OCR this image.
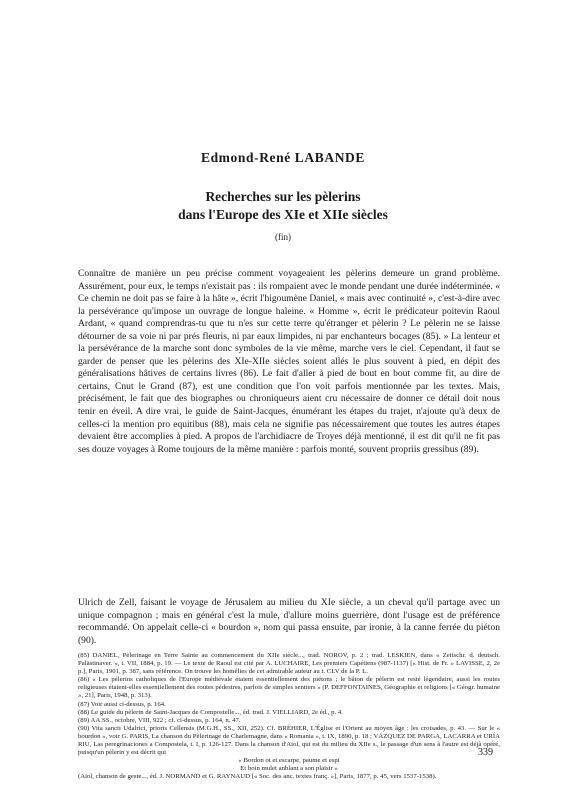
Edmond-René LABANDE
Recherches sur les pèlerins
dans l'Europe des XIe et XIIe siècles
(fin)

Connaître de manière un peu précise comment voyageaient les pèlerins demeure un grand problème. Assurément, pour eux, le temps n'existait pas : ils rompaient avec le monde pendant une durée indéterminée. « Ce chemin ne doit pas se faire à la hâte », écrit l'higoumène Daniel, « mais avec continuité », c'est-à-dire avec la persévérance qu'impose un ouvrage de longue haleine. « Homme », écrit le prédicateur poitevin Raoul Ardant, « quand comprendras-tu que tu n'es sur cette terre qu'étranger et pèlerin ? Le pèlerin ne se laisse détourner de sa voie ni par prés fleuris, ni par eaux limpides, ni par enchanteurs bocages (85). » La lenteur et la persévérance de la marche sont donc symboles de la vie même, marche vers le ciel. Cependant, il faut se garder de penser que les pèlerins des XIe-XIIe siècles soient allés le plus souvent à pied, en dépit des généralisations hâtives de certains livres (86). Le fait d'aller à pied de bout en bout comme fit, au dire de certains, Cnut le Grand (87), est une condition que l'on voit parfois mentionnée par les textes. Mais, précisément, le fait que des biographes ou chroniqueurs aient cru nécessaire de donner ce détail doit nous tenir en éveil. A dire vrai, le guide de Saint-Jacques, énumérant les étapes du trajet, n'ajoute qu'à deux de celles-ci la mention pro equitibus (88), mais cela ne signifie pas nécessairement que toutes les autres étapes devaient être accomplies à pied. A propos de l'archidiacre de Troyes déjà mentionné, il est dit qu'il ne fit pas ses douze voyages à Rome toujours de la même manière : parfois monté, souvent propriis gressibus (89).

Ulrich de Zell, faisant le voyage de Jérusalem au milieu du XIe siècle, a un cheval qu'il partage avec un unique compagnon ; mais en général c'est la mule, d'allure moins guerrière, dont l'usage est de préférence recommandé. On appelait celle-ci « bourdon », nom qui passa ensuite, par ironie, à la canne ferrée du piéton (90).

(85) DANIEL, Pèlerinage en Terre Sainte au commencement du XIIe siècle..., trad. NOROV, p. 2 ; trad. LESKIEN, dans « Zeitschr. d. deutsch. Palästinaver. », t. VII, 1884, p. 19. — Le texte de Raoul est cité par A. LUCHAIRE, Les premiers Capétiens (987-1137) [« Hist. de Fr. » LAVISSE, 2, 2e p.], Paris, 1901, p. 387, sans référence. On trouve les homélies de cet admirable auteur au t. CLV de la P. L.

(86) « Les pèlerins catholiques de l'Europe médiévale étaient essentiellement des piétons ; le bâton de pèlerin est resté légendaire, aussi les routes religieuses étaient-elles essentiellement des routes pédestres, parfois de simples sentiers » (P. DEFFONTAINES, Géographie et religions [« Géogr. humaine », 21], Paris, 1948, p. 313).

(87) Voir aussi ci-dessus, p. 164.

(88) Le guide du pèlerin de Saint-Jacques de Compostelle..., éd. trad. J. VIELLIARD, 2e éd., p. 4.

(89) AA.SS., octobre, VIII, 922 ; cf. ci-dessus, p. 164, n. 47.

(90) Vita sancti Udalrici, prioris Cellensis (M.G.H., SS., XII, 252). Cf. BRÉHIER, L'Église et l'Orient au moyen âge : les croisades, p. 43. — Sur le « bourdon », voir G. PARIS, La chanson du Pèlerinage de Charlemagne, dans « Romania », t. IX, 1890, p. 18 ; VÁZQUEZ DE PARGA, LACARRA et URÍA RIU, Las peregrinaciones a Compostela, t. I, p. 126-127. Dans la chanson d'Aiol, qui est du milieu du XIIe s., le passage d'un sens à l'autre est déjà opéré, puisqu'un pèlerin y est décrit qui

« Bordon ot et escarpe, paume et espi

Et boin mulet anblant a son plaisir »

(Aiol, chanson de geste..., éd. J. NORMAND et G. RAYNAUD [« Soc. des anc. textes franç. »], Paris, 1877, p. 45, vers 1537-1538).

339
